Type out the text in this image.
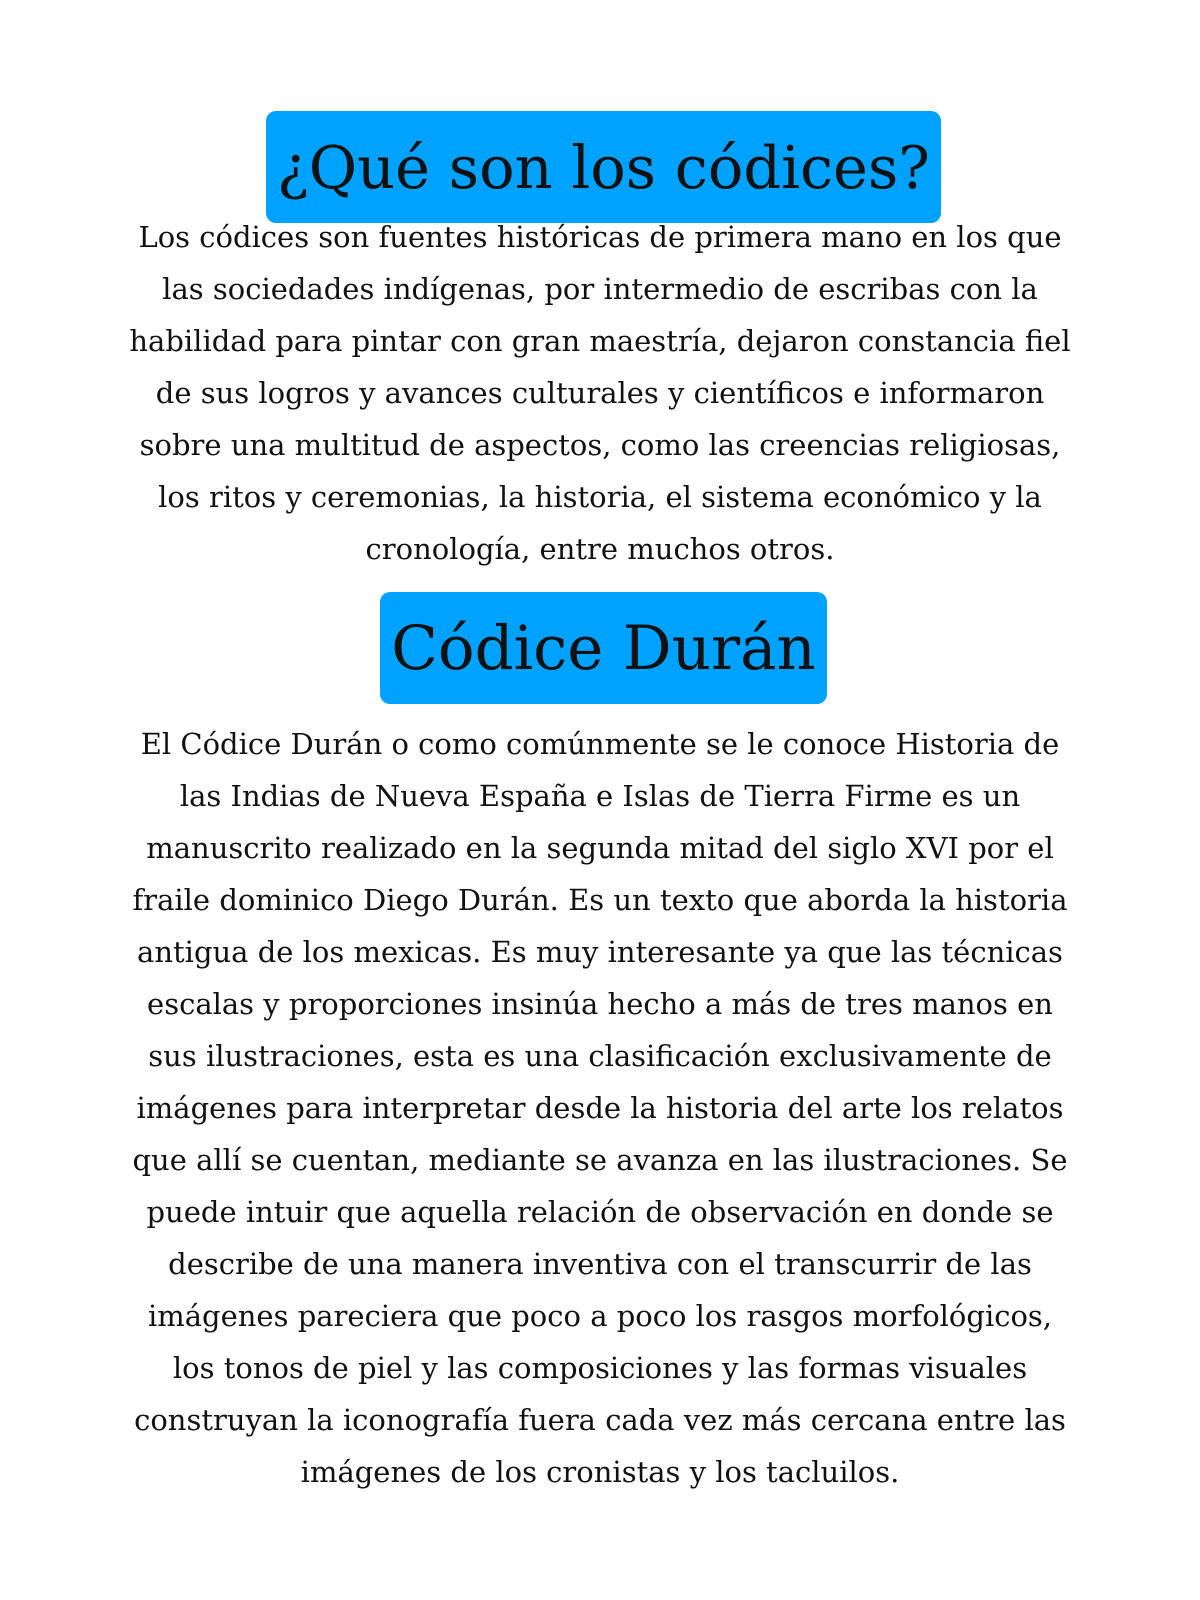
¿Qué son los códices?
Los códices son fuentes históricas de primera mano en los que
las sociedades indígenas, por intermedio de escribas con la
habilidad para pintar con gran maestría, dejaron constancia fiel
de sus logros y avances culturales y científicos e informaron
sobre una multitud de aspectos, como las creencias religiosas,
los ritos y ceremonias, la historia, el sistema económico y la
cronología, entre muchos otros.
Códice Durán
El Códice Durán o como comúnmente se le conoce Historia de
las Indias de Nueva España e Islas de Tierra Firme es un
manuscrito realizado en la segunda mitad del siglo XVI por el
fraile dominico Diego Durán. Es un texto que aborda la historia
antigua de los mexicas. Es muy interesante ya que las técnicas
escalas y proporciones insinúa hecho a más de tres manos en
sus ilustraciones, esta es una clasificación exclusivamente de
imágenes para interpretar desde la historia del arte los relatos
que allí se cuentan, mediante se avanza en las ilustraciones. Se
puede intuir que aquella relación de observación en donde se
describe de una manera inventiva con el transcurrir de las
imágenes pareciera que poco a poco los rasgos morfológicos,
los tonos de piel y las composiciones y las formas visuales
construyan la iconografía fuera cada vez más cercana entre las
imágenes de los cronistas y los tacluilos.
